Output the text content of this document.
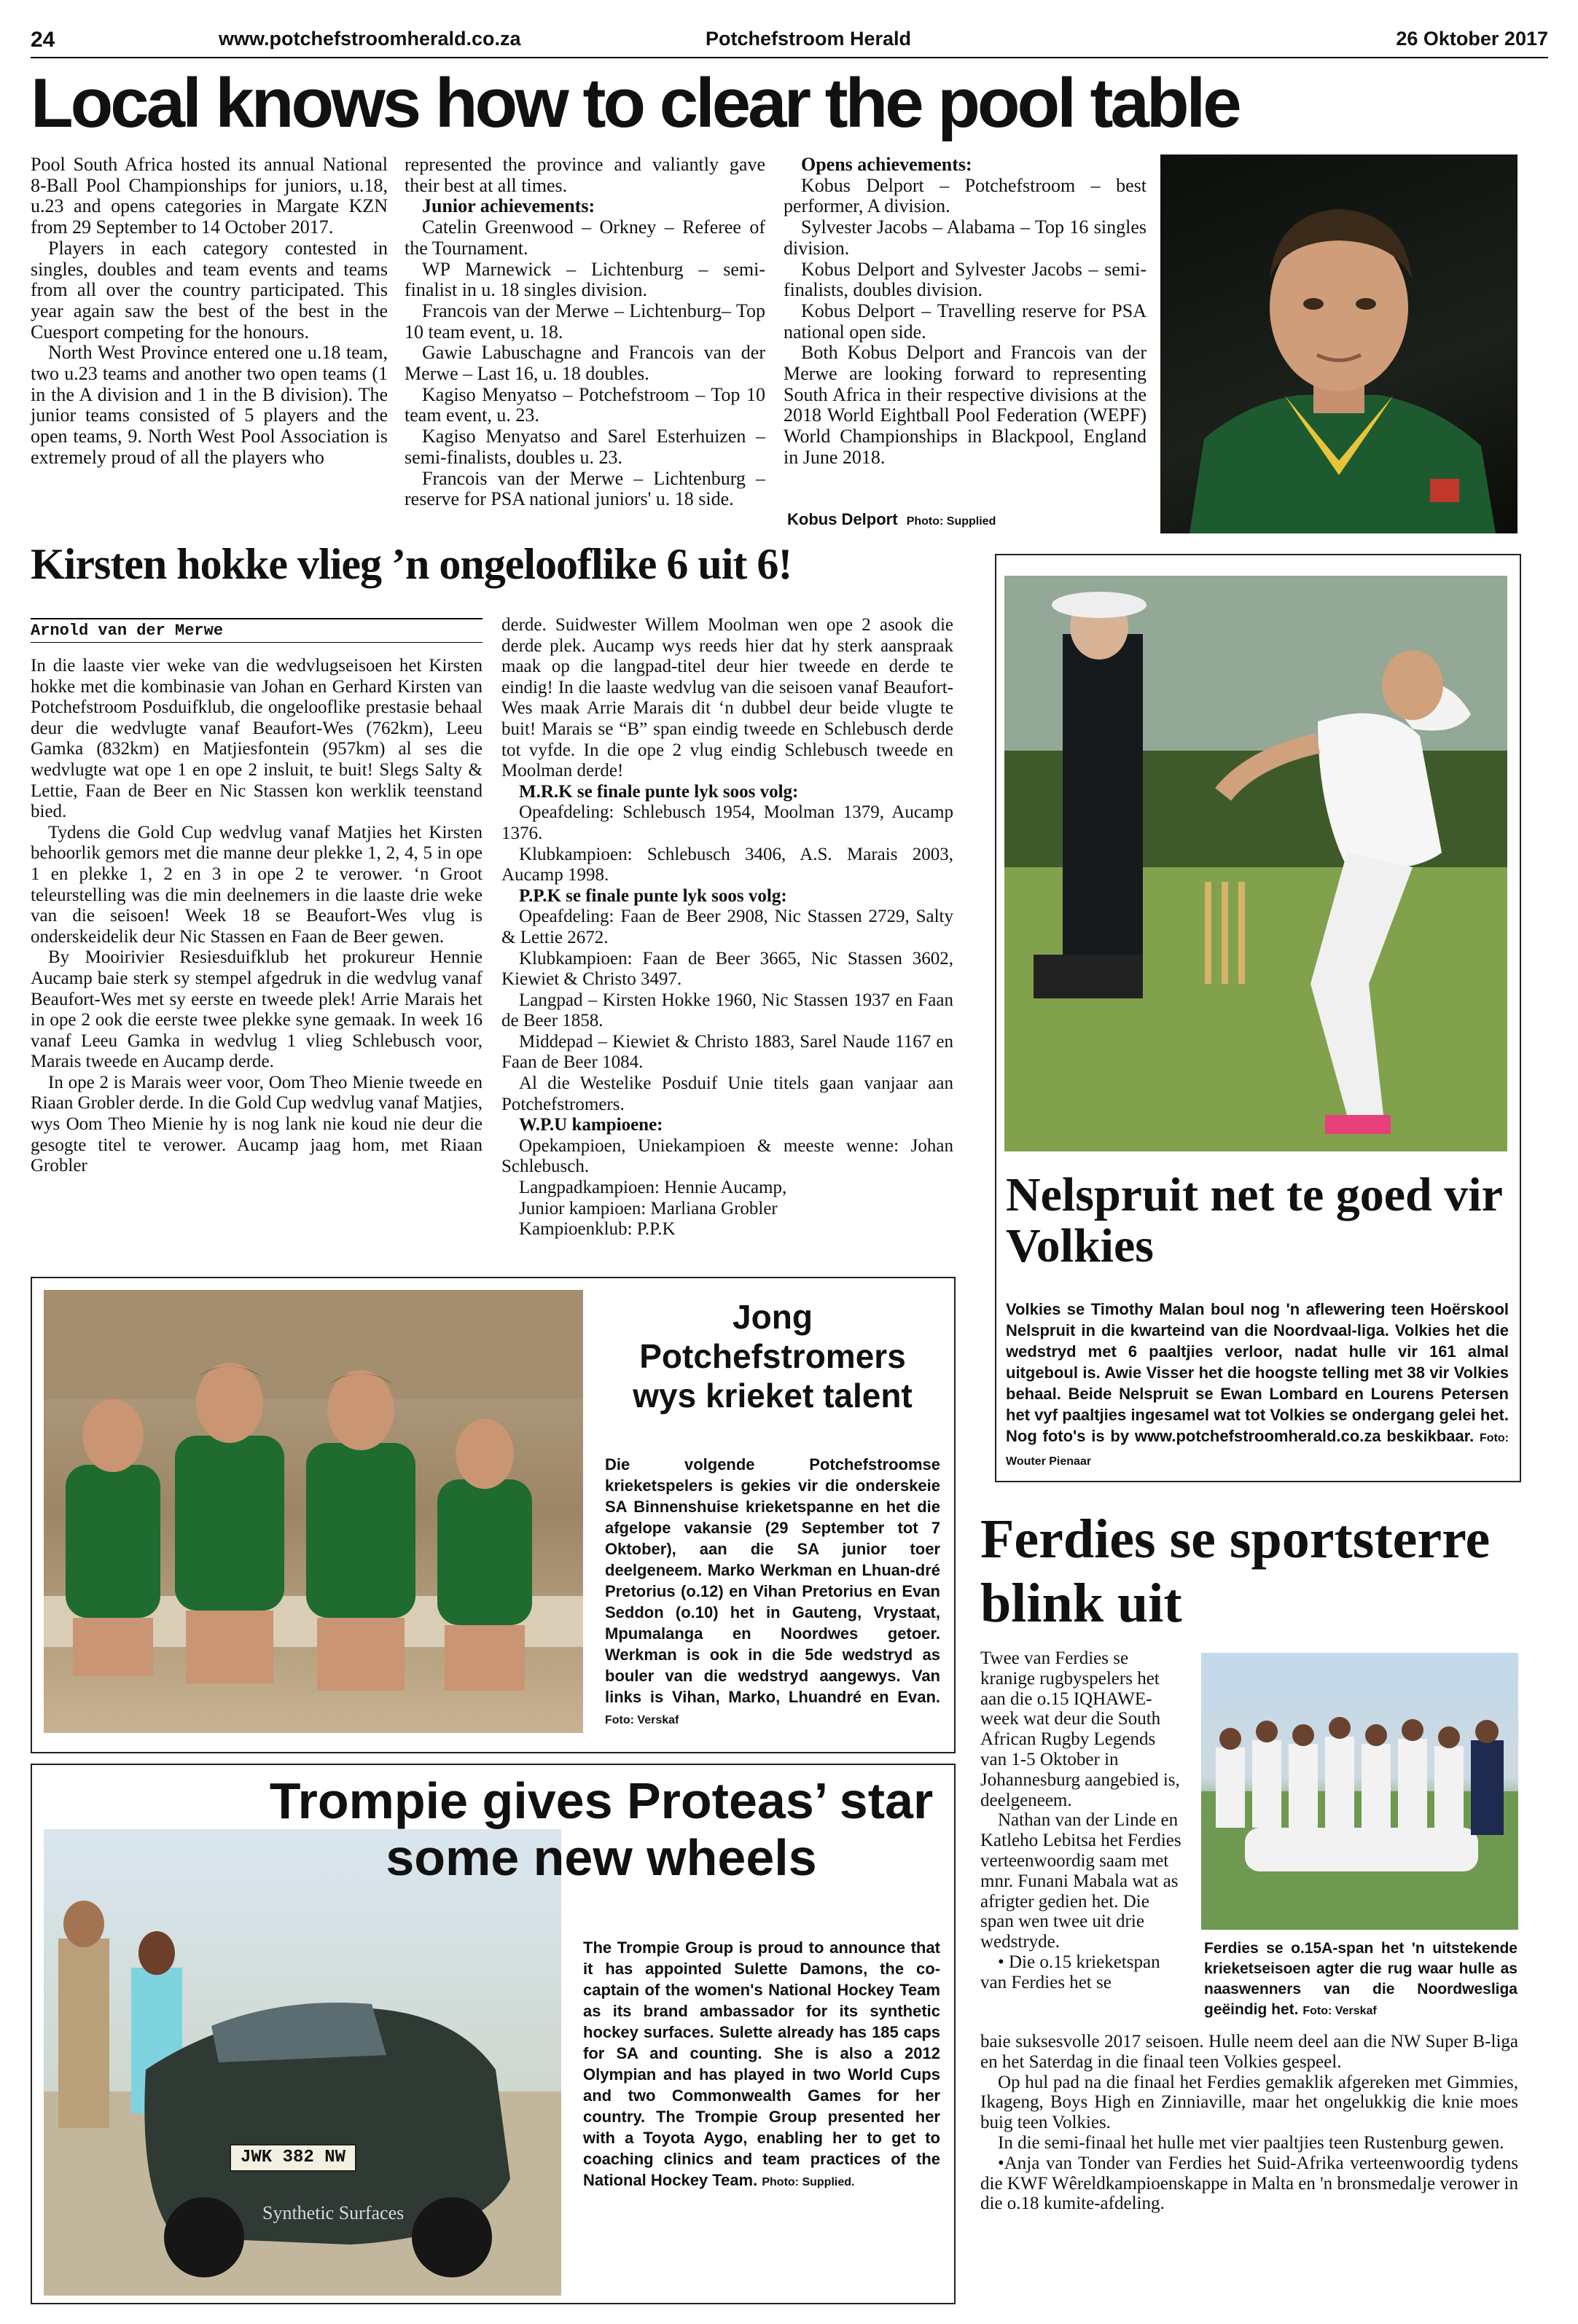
24	www.potchefstroomherald.co.za	Potchefstroom Herald	26 Oktober 2017
Local knows how to clear the pool table

Pool South Africa hosted its annual National 8-Ball Pool Championships for juniors, u.18, u.23 and opens categories in Margate KZN from 29 September to 14 October 2017.

Players in each category contested in singles, doubles and team events and teams from all over the country participated. This year again saw the best of the best in the Cuesport competing for the honours.

North West Province entered one u.18 team, two u.23 teams and another two open teams (1 in the A division and 1 in the B division). The junior teams consisted of 5 players and the open teams, 9. North West Pool Association is extremely proud of all the players who

represented the province and valiantly gave their best at all times.

Junior achievements:

Catelin Greenwood – Orkney – Referee of the Tournament.

WP Marnewick – Lichtenburg – semi-finalist in u. 18 singles division.

Francois van der Merwe – Lichtenburg– Top 10 team event, u. 18.

Gawie Labuschagne and Francois van der Merwe – Last 16, u. 18 doubles.

Kagiso Menyatso – Potchefstroom – Top 10 team event, u. 23.

Kagiso Menyatso and Sarel Esterhuizen – semi-finalists, doubles u. 23.

Francois van der Merwe – Lichtenburg – reserve for PSA national juniors' u. 18 side.

Opens achievements:

Kobus Delport – Potchefstroom – best performer, A division.

Sylvester Jacobs – Alabama – Top 16 singles division.

Kobus Delport and Sylvester Jacobs – semi-finalists, doubles division.

Kobus Delport – Travelling reserve for PSA national open side.

Both Kobus Delport and Francois van der Merwe are looking forward to representing South Africa in their respective divisions at the 2018 World Eightball Pool Federation (WEPF) World Championships in Blackpool, England in June 2018.

Kobus Delport Photo: Supplied
Kirsten hokke vlieg ’n ongelooflike 6 uit 6!
Arnold van der Merwe

In die laaste vier weke van die wedvlugseisoen het Kirsten hokke met die kombinasie van Johan en Gerhard Kirsten van Potchefstroom Posduifklub, die ongelooflike prestasie behaal deur die wedvlugte vanaf Beaufort-Wes (762km), Leeu Gamka (832km) en Matjiesfontein (957km) al ses die wedvlugte wat ope 1 en ope 2 insluit, te buit! Slegs Salty & Lettie, Faan de Beer en Nic Stassen kon werklik teenstand bied.

Tydens die Gold Cup wedvlug vanaf Matjies het Kirsten behoorlik gemors met die manne deur plekke 1, 2, 4, 5 in ope 1 en plekke 1, 2 en 3 in ope 2 te verower. ‘n Groot teleurstelling was die min deelnemers in die laaste drie weke van die seisoen! Week 18 se Beaufort-Wes vlug is onderskeidelik deur Nic Stassen en Faan de Beer gewen.

By Mooirivier Resiesduifklub het prokureur Hennie Aucamp baie sterk sy stempel afgedruk in die wedvlug vanaf Beaufort-Wes met sy eerste en tweede plek! Arrie Marais het in ope 2 ook die eerste twee plekke syne gemaak. In week 16 vanaf Leeu Gamka in wedvlug 1 vlieg Schlebusch voor, Marais tweede en Aucamp derde.

In ope 2 is Marais weer voor, Oom Theo Mienie tweede en Riaan Grobler derde. In die Gold Cup wedvlug vanaf Matjies, wys Oom Theo Mienie hy is nog lank nie koud nie deur die gesogte titel te verower. Aucamp jaag hom, met Riaan Grobler

derde. Suidwester Willem Moolman wen ope 2 asook die derde plek. Aucamp wys reeds hier dat hy sterk aanspraak maak op die langpad-titel deur hier tweede en derde te eindig! In die laaste wedvlug van die seisoen vanaf Beaufort-Wes maak Arrie Marais dit ‘n dubbel deur beide vlugte te buit! Marais se “B” span eindig tweede en Schlebusch derde tot vyfde. In die ope 2 vlug eindig Schlebusch tweede en Moolman derde!

M.R.K se finale punte lyk soos volg:

Opeafdeling: Schlebusch 1954, Moolman 1379, Aucamp 1376.

Klubkampioen: Schlebusch 3406, A.S. Marais 2003, Aucamp 1998.

P.P.K se finale punte lyk soos volg:

Opeafdeling: Faan de Beer 2908, Nic Stassen 2729, Salty & Lettie 2672.

Klubkampioen: Faan de Beer 3665, Nic Stassen 3602, Kiewiet & Christo 3497.

Langpad – Kirsten Hokke 1960, Nic Stassen 1937 en Faan de Beer 1858.

Middepad – Kiewiet & Christo 1883, Sarel Naude 1167 en Faan de Beer 1084.

Al die Westelike Posduif Unie titels gaan vanjaar aan Potchefstromers.

W.P.U kampioene:

Opekampioen, Uniekampioen & meeste wenne: Johan Schlebusch.

Langpadkampioen: Hennie Aucamp,

Junior kampioen: Marliana Grobler

Kampioenklub: P.P.K

Nelspruit net te goed vir Volkies
Volkies se Timothy Malan boul nog 'n aflewering teen Hoërskool Nelspruit in die kwarteind van die Noordvaal-liga. Volkies het die wedstryd met 6 paaltjies verloor, nadat hulle vir 161 almal uitgeboul is. Awie Visser het die hoogste telling met 38 vir Volkies behaal. Beide Nelspruit se Ewan Lombard en Lourens Petersen het vyf paaltjies ingesamel wat tot Volkies se ondergang gelei het. Nog foto's is by www.potchefstroomherald.co.za beskikbaar. Foto: Wouter Pienaar
Jong Potchefstromers wys krieket talent
Die volgende Potchefstroomse krieketspelers is gekies vir die onderskeie SA Binnenshuise krieketspanne en het die afgelope vakansie (29 September tot 7 Oktober), aan die SA junior toer deelgeneem. Marko Werkman en Lhuan-dré Pretorius (o.12) en Vihan Pretorius en Evan Seddon (o.10) het in Gauteng, Vrystaat, Mpumalanga en Noordwes getoer. Werkman is ook in die 5de wedstryd as bouler van die wedstryd aangewys. Van links is Vihan, Marko, Lhuandré en Evan. Foto: Verskaf
JWK 382 NW
Synthetic Surfaces
Trompie gives Proteas’ star some new wheels
The Trompie Group is proud to announce that it has appointed Sulette Damons, the co-captain of the women's National Hockey Team as its brand ambassador for its synthetic hockey surfaces. Sulette already has 185 caps for SA and counting. She is also a 2012 Olympian and has played in two World Cups and two Commonwealth Games for her country. The Trompie Group presented her with a Toyota Aygo, enabling her to get to coaching clinics and team practices of the National Hockey Team. Photo: Supplied.
Ferdies se sportsterre blink uit

Twee van Ferdies se kranige rugbyspelers het aan die o.15 IQHAWE-week wat deur die South African Rugby Legends van 1-5 Oktober in Johannesburg aangebied is, deelgeneem.

Nathan van der Linde en Katleho Lebitsa het Ferdies verteenwoordig saam met mnr. Funani Mabala wat as afrigter gedien het. Die span wen twee uit drie wedstryde.

• Die o.15 krieketspan van Ferdies het se

Ferdies se o.15A-span het 'n uitstekende krieketseisoen agter die rug waar hulle as naaswenners van die Noordwesliga geëindig het. Foto: Verskaf

baie suksesvolle 2017 seisoen. Hulle neem deel aan die NW Super B-liga en het Saterdag in die finaal teen Volkies gespeel.

Op hul pad na die finaal het Ferdies gemaklik afgereken met Gimmies, Ikageng, Boys High en Zinniaville, maar het ongelukkig die knie moes buig teen Volkies.

In die semi-finaal het hulle met vier paaltjies teen Rustenburg gewen.

•Anja van Tonder van Ferdies het Suid-Afrika verteenwoordig tydens die KWF Wêreldkampioenskappe in Malta en 'n bronsmedalje verower in die o.18 kumite-afdeling.
